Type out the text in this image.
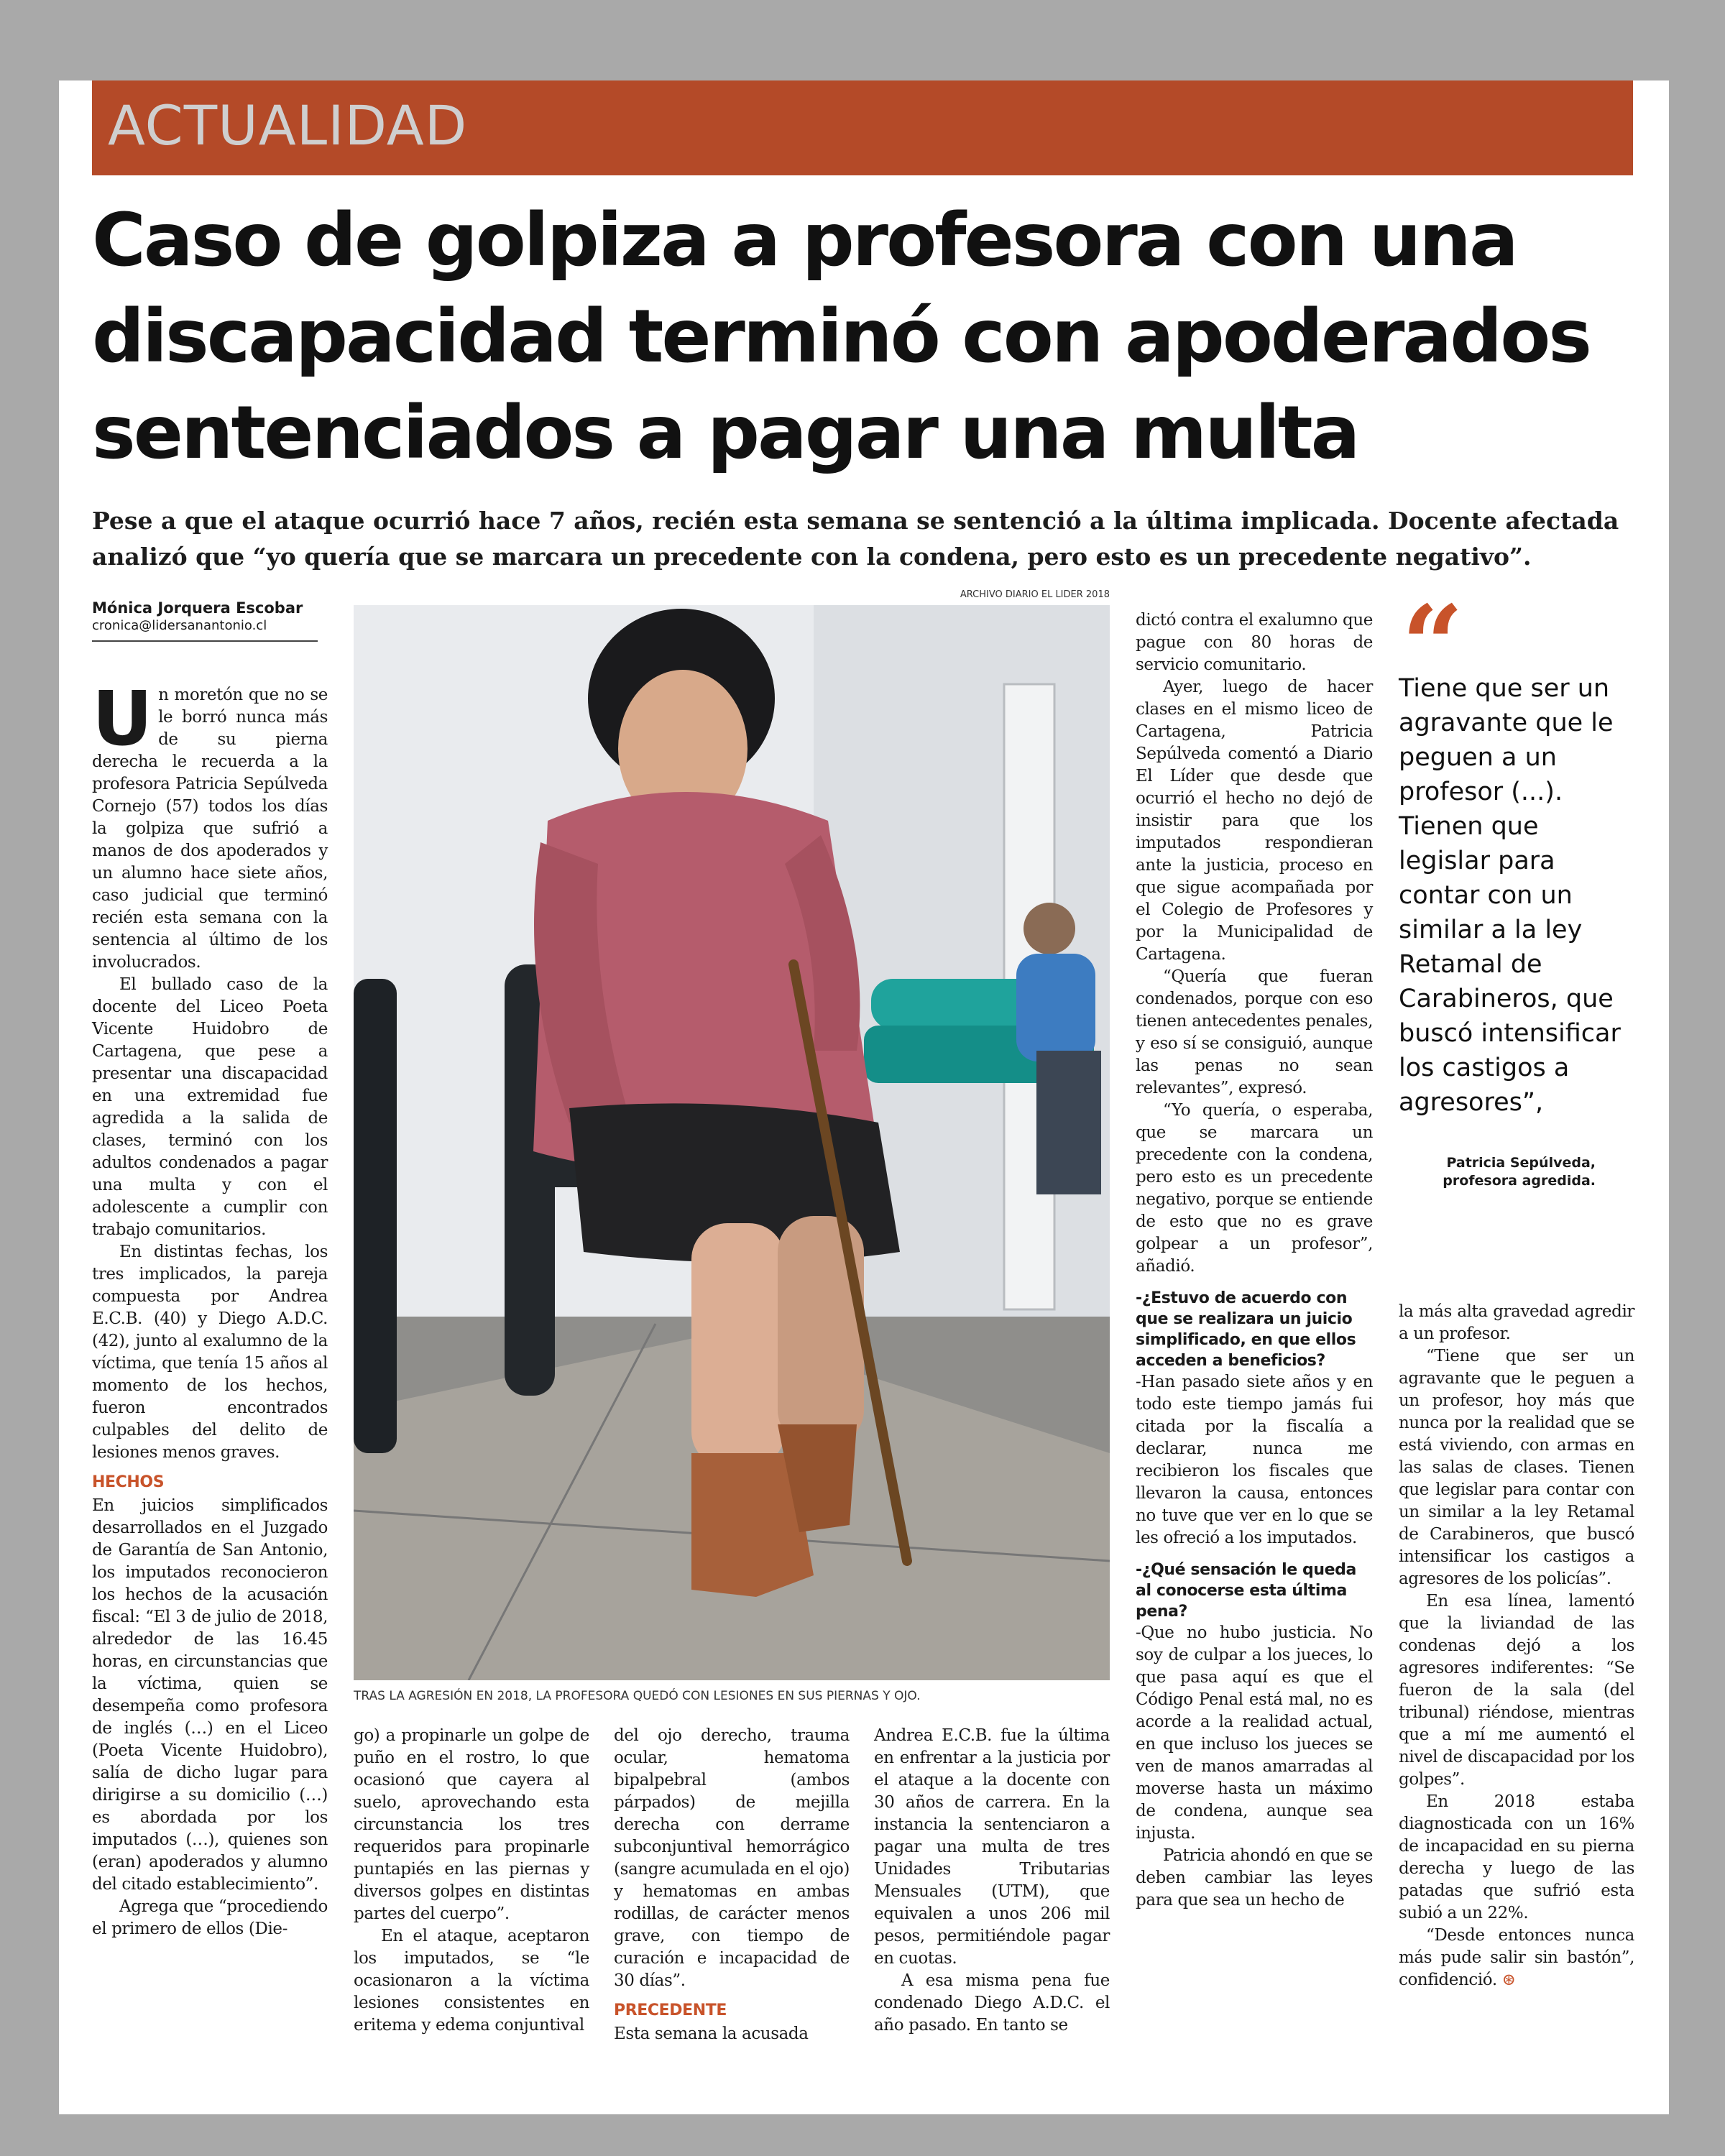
ACTUALIDAD
Caso de golpiza a profesora con una discapacidad terminó con apoderados sentenciados a pagar una multa

Pese a que el ataque ocurrió hace 7 años, recién esta semana se sentenció a la última implicada. Docente afectada analizó que “yo quería que se marcara un precedente con la condena, pero esto es un precedente negativo”.

Mónica Jorquera Escobar
cronica@lidersanantonio.cl
ARCHIVO DIARIO EL LIDER 2018
TRAS LA AGRESIÓN EN 2018, LA PROFESORA QUEDÓ CON LESIONES EN SUS PIERNAS Y OJO.

Un moretón que no se le borró nunca más de su pierna derecha le recuerda a la profesora Patricia Sepúlveda Cornejo (57) todos los días la golpiza que sufrió a manos de dos apoderados y un alumno hace siete años, caso judicial que terminó recién esta semana con la sentencia al último de los involucrados.

El bullado caso de la docente del Liceo Poeta Vicente Huidobro de Cartagena, que pese a presentar una discapacidad en una extremidad fue agredida a la salida de clases, terminó con los adultos condenados a pagar una multa y con el adolescente a cumplir con trabajo comunitarios.

En distintas fechas, los tres implicados, la pareja compuesta por Andrea E.C.B. (40) y Diego A.D.C. (42), junto al exalumno de la víctima, que tenía 15 años al momento de los hechos, fueron encontrados culpables del delito de lesiones menos graves.

HECHOS

En juicios simplificados desarrollados en el Juzgado de Garantía de San Antonio, los imputados reconocieron los hechos de la acusación fiscal: “El 3 de julio de 2018, alrededor de las 16.45 horas, en circunstancias que la víctima, quien se desempeña como profesora de inglés (…) en el Liceo (Poeta Vicente Huidobro), salía de dicho lugar para dirigirse a su domicilio (…) es abordada por los imputados (…), quienes son (eran) apoderados y alumno del citado establecimiento”.

Agrega que “procediendo el primero de ellos (Die-

go) a propinarle un golpe de puño en el rostro, lo que ocasionó que cayera al suelo, aprovechando esta circunstancia los tres requeridos para propinarle puntapiés en las piernas y diversos golpes en distintas partes del cuerpo”.

En el ataque, aceptaron los imputados, se “le ocasionaron a la víctima lesiones consistentes en eritema y edema conjuntival

del ojo derecho, trauma ocular, hematoma bipalpebral (ambos párpados) de mejilla derecha con derrame subconjuntival hemorrágico (sangre acumulada en el ojo) y hematomas en ambas rodillas, de carácter menos grave, con tiempo de curación e incapacidad de 30 días”.

PRECEDENTE

Esta semana la acusada

Andrea E.C.B. fue la última en enfrentar a la justicia por el ataque a la docente con 30 años de carrera. En la instancia la sentenciaron a pagar una multa de tres Unidades Tributarias Mensuales (UTM), que equivalen a unos 206 mil pesos, permitiéndole pagar en cuotas.

A esa misma pena fue condenado Diego A.D.C. el año pasado. En tanto se

dictó contra el exalumno que pague con 80 horas de servicio comunitario.

Ayer, luego de hacer clases en el mismo liceo de Cartagena, Patricia Sepúlveda comentó a Diario El Líder que desde que ocurrió el hecho no dejó de insistir para que los imputados respondieran ante la justicia, proceso en que sigue acompañada por el Colegio de Profesores y por la Municipalidad de Cartagena.

“Quería que fueran condenados, porque con eso tienen antecedentes penales, y eso sí se consiguió, aunque las penas no sean relevantes”, expresó.

“Yo quería, o esperaba, que se marcara un precedente con la condena, pero esto es un precedente negativo, porque se entiende de esto que no es grave golpear a un profesor”, añadió.

-¿Estuvo de acuerdo con que se realizara un juicio simplificado, en que ellos acceden a beneficios?

-Han pasado siete años y en todo este tiempo jamás fui citada por la fiscalía a declarar, nunca me recibieron los fiscales que llevaron la causa, entonces no tuve que ver en lo que se les ofreció a los imputados.

-¿Qué sensación le queda al conocerse esta última pena?

-Que no hubo justicia. No soy de culpar a los jueces, lo que pasa aquí es que el Código Penal está mal, no es acorde a la realidad actual, en que incluso los jueces se ven de manos amarradas al moverse hasta un máximo de condena, aunque sea injusta.

Patricia ahondó en que se deben cambiar las leyes para que sea un hecho de

“

Tiene que ser un agravante que le peguen a un profesor (...). Tienen que legislar para contar con un similar a la ley Retamal de Carabineros, que buscó intensificar los castigos a agresores”,

Patricia Sepúlveda,
profesora agredida.

la más alta gravedad agredir a un profesor.

“Tiene que ser un agravante que le peguen a un profesor, hoy más que nunca por la realidad que se está viviendo, con armas en las salas de clases. Tienen que legislar para contar con un similar a la ley Retamal de Carabineros, que buscó intensificar los castigos a agresores de los policías”.

En esa línea, lamentó que la liviandad de las condenas dejó a los agresores indiferentes: “Se fueron de la sala (del tribunal) riéndose, mientras que a mí me aumentó el nivel de discapacidad por los golpes”.

En 2018 estaba diagnosticada con un 16% de incapacidad en su pierna derecha y luego de las patadas que sufrió esta subió a un 22%.

“Desde entonces nunca más pude salir sin bastón”, confidenció. ⊛
